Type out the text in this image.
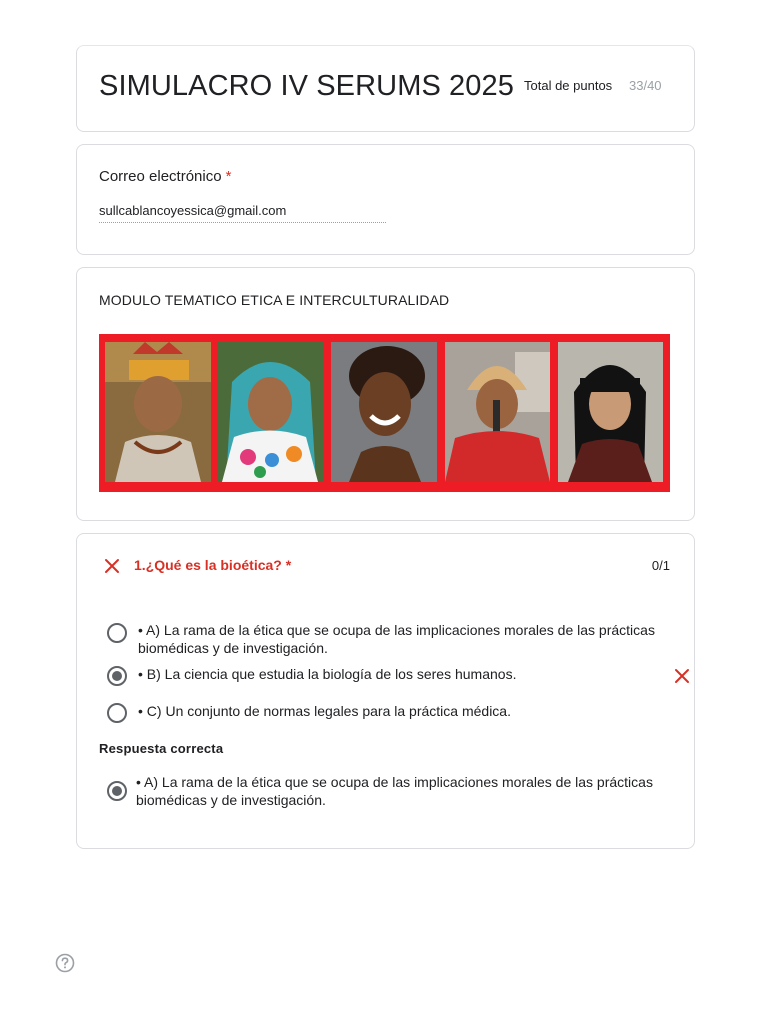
SIMULACRO IV SERUMS 2025 Total de puntos 33/40
Correo electrónico *
sullcablancoyessica@gmail.com
MODULO TEMATICO ETICA E INTERCULTURALIDAD
1.¿Qué es la bioética? *	0/1
• A) La rama de la ética que se ocupa de las implicaciones morales de las prácticas
biomédicas y de investigación.
• B) La ciencia que estudia la biología de los seres humanos.
• C) Un conjunto de normas legales para la práctica médica.
Respuesta correcta
• A) La rama de la ética que se ocupa de las implicaciones morales de las prácticas
biomédicas y de investigación.
